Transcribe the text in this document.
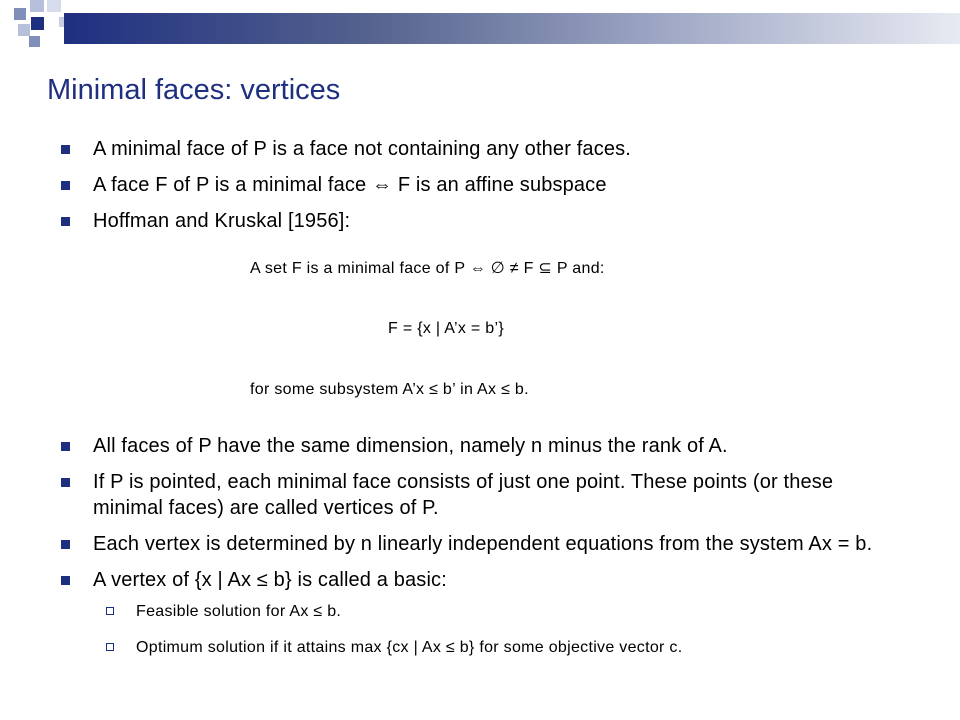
Minimal faces: vertices
A minimal face of P is a face not containing any other faces.
A face F of P is a minimal face ⇔ F is an affine subspace
Hoffman and Kruskal [1956]:
A set F is a minimal face of P ⇔ ∅ ≠ F ⊆ P and:
F = {x | A’x = b’}
for some subsystem A’x ≤ b’ in Ax ≤ b.
All faces of P have the same dimension, namely n minus the rank of A.
If P is pointed, each minimal face consists of just one point. These points (or these minimal faces) are called vertices of P.
Each vertex is determined by n linearly independent equations from the system Ax = b.
A vertex of {x | Ax ≤ b} is called a basic:
Feasible solution for Ax ≤ b.
Optimum solution if it attains max {cx | Ax ≤ b} for some objective vector c.
